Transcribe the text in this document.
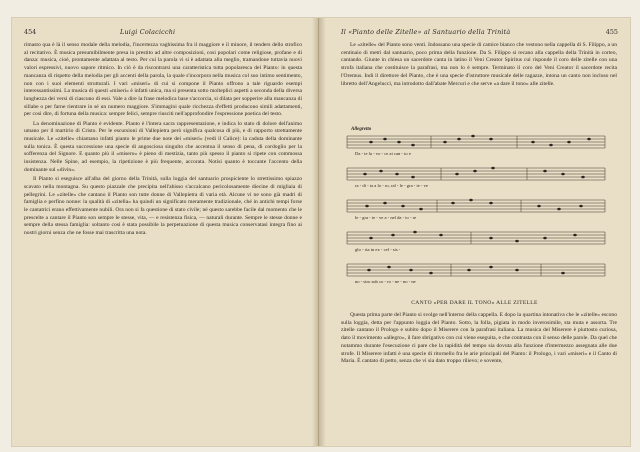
454	Luigi Colacicchi

rimasto qua è là il senso modale della melodia, l'incertezza vaghissima fra il maggiore e il minore, il tenders dello strofico al recitativo. È musica presumibilmente presa in prestito ad altre composizioni, così popolari come religiose, profane e di danza: musica, cioè, prontamente adattata al testo. Per cui la parola vi si è adattata alla meglio, tramandone tuttavia nuovi valori espressivi, nuovo sapore ritmico. In ciò è da riscontrarsi una caratteristica tutta popolaresca del Pianto: in questa mancanza di rispetto della melodia per gli accenti della parola, la quale s'incorpora nella musica col suo intimo sentimento, non con i suoi elementi strutturali. I vari «miseri» di cui si compone il Pianto offrono a tale riguardo esempi interessantissimi. La musica di questi «miseri» è infatti unica, ma si presenta sotto molteplici aspetti a seconda della diversa lunghezza dei versi di ciascuno di essi. Vale a dire la frase melodica base s'accorcia, si dilata per sopperire alla mancanza di sillabe o per farne rientrare in sé un numero maggiore. S'immagini quale ricchezza d'effetti producono simili adattamenti, per così dire, di fortuna della musica: sempre felici, sempre riusciti nell'approfondire l'espressione poetica del testo.

La denominazione di Pianto è evidente. Pianto è l'intera sacra rappresentazione, e indica lo stato di dolore dell'animo umano per il martirio di Cristo. Per le escursioni di Vallepietra però significa qualcosa di più, e di rapporto strettamente musicale. Le «zitelle» chiamano infatti pianto le prime due note dei «miseri» (vedi il Calice): la caduta della dominante sulla tonica. È questa successione una specie di angosciosa singulto che accentua il senso di pena, di cordoglio per la sofferenza del Signore. E quanto più il «misero» è pieno di mestizia, tanto più spesso il pianto si ripete con commossa insistenza. Nelle Spine, ad esempio, la ripetizione è più frequente, accorata. Notisi quanto è toccante l'accento della dominante sul «divin».

Il Pianto si eseguisce all'alba del giorno della Trinità, sulla loggia del santuario prospiciente lo strettissimo spiazzo scavato nella montagna. Su questo piazzale che precipita nell'abisso s'accalcano pericolosamente diecine di migliaia di pellegrini. Le «zitelle» che cantano il Pianto son tutte donne di Vallepietra di varia età. Alcune vi ne sono già madri di famiglia e perfino nonne: la qualità di «zitella» ha quindi un significato meramente tradizionale, ché in antichi tempi forse le cantatrici erano effettivamente nubili. Ora non si fa questione di stato civile; né questo sarebbe facile dal momento che le prescelte a cantare il Pianto son sempre le stesse, vita, — e resistenza fisica, — naturali durante. Sempre le stesse donne e sempre della stessa famiglia: soltanto così è stata possibile la perpetuazione di questa musica conservatasi integra fino ai nostri giorni senza che ne fosse mai trascritta una nota.

Il «Pianto delle Zitelle» al Santuario della Trinità	455

Le «zitelle» del Pianto sono venti. Indossano una specie di camice bianco che vestono nella cappella di S. Filippo, a un centinaio di metri dal santuario, poco prima della funzione. Da S. Filippo si recano alla cappella della Trinità in corteo, cantando. Giunte in chiesa un sacerdote canta in latino il Veni Creator Spiritus cui risponde il coro delle zitelle con una strofa italiana che costituisce la parafrasi, ma non lo è sempre. Terminato il coro del Veni Creator il sacerdote recita l'Oremus. Indi il direttore del Pianto, che è una specie d'istruttore musicale delle ragazze, intona un canto non incluso nel libretto dell'Angelucci, ma introdotto dall'abate Mercuri e che serve «a dare il tono» alle zitelle.

Allegretto
Da - te la - vo - ce ai can - to e
ra - di - ta a lo - ro, ral - le - gra - te - ve
le - gra - te - ve a - nel da - to - re
glo - ria in ex - cel - sis -
no - stro sub co - ro - ne - no - ne
CANTO «PER DARE IL TONO» ALLE ZITELLE

Questa prima parte del Pianto si svolge nell'interno della cappella. E dopo la quartina intonativa che le «zitelle» escono sulla loggia, detta per l'appunto loggia del Pianto. Sotto, la folla, pigiata in modo inverosimile, sta muta e assorta. Tre zitelle cantano il Prologo e subito dopo il Miserere con la parafrasi italiana. La musica del Miserere è piuttosto curiosa, dato il movimento «allegro», il fare sbrigativo con cui viene eseguita, e che contrasta con il senso delle parole. Da quel che notammo durante l'esecuzione ci pare che la rapidità del tempo sia dovuta alla funzione d'intermezzo assegnata alle due strofe. Il Miserere infatti è una specie di ritornello fra le arie principali del Pianto: il Prologo, i vari «miseri» e il Canto di Maria. È cantato di petto, senza che vi sia dato troppo rilievo; e sovente,
